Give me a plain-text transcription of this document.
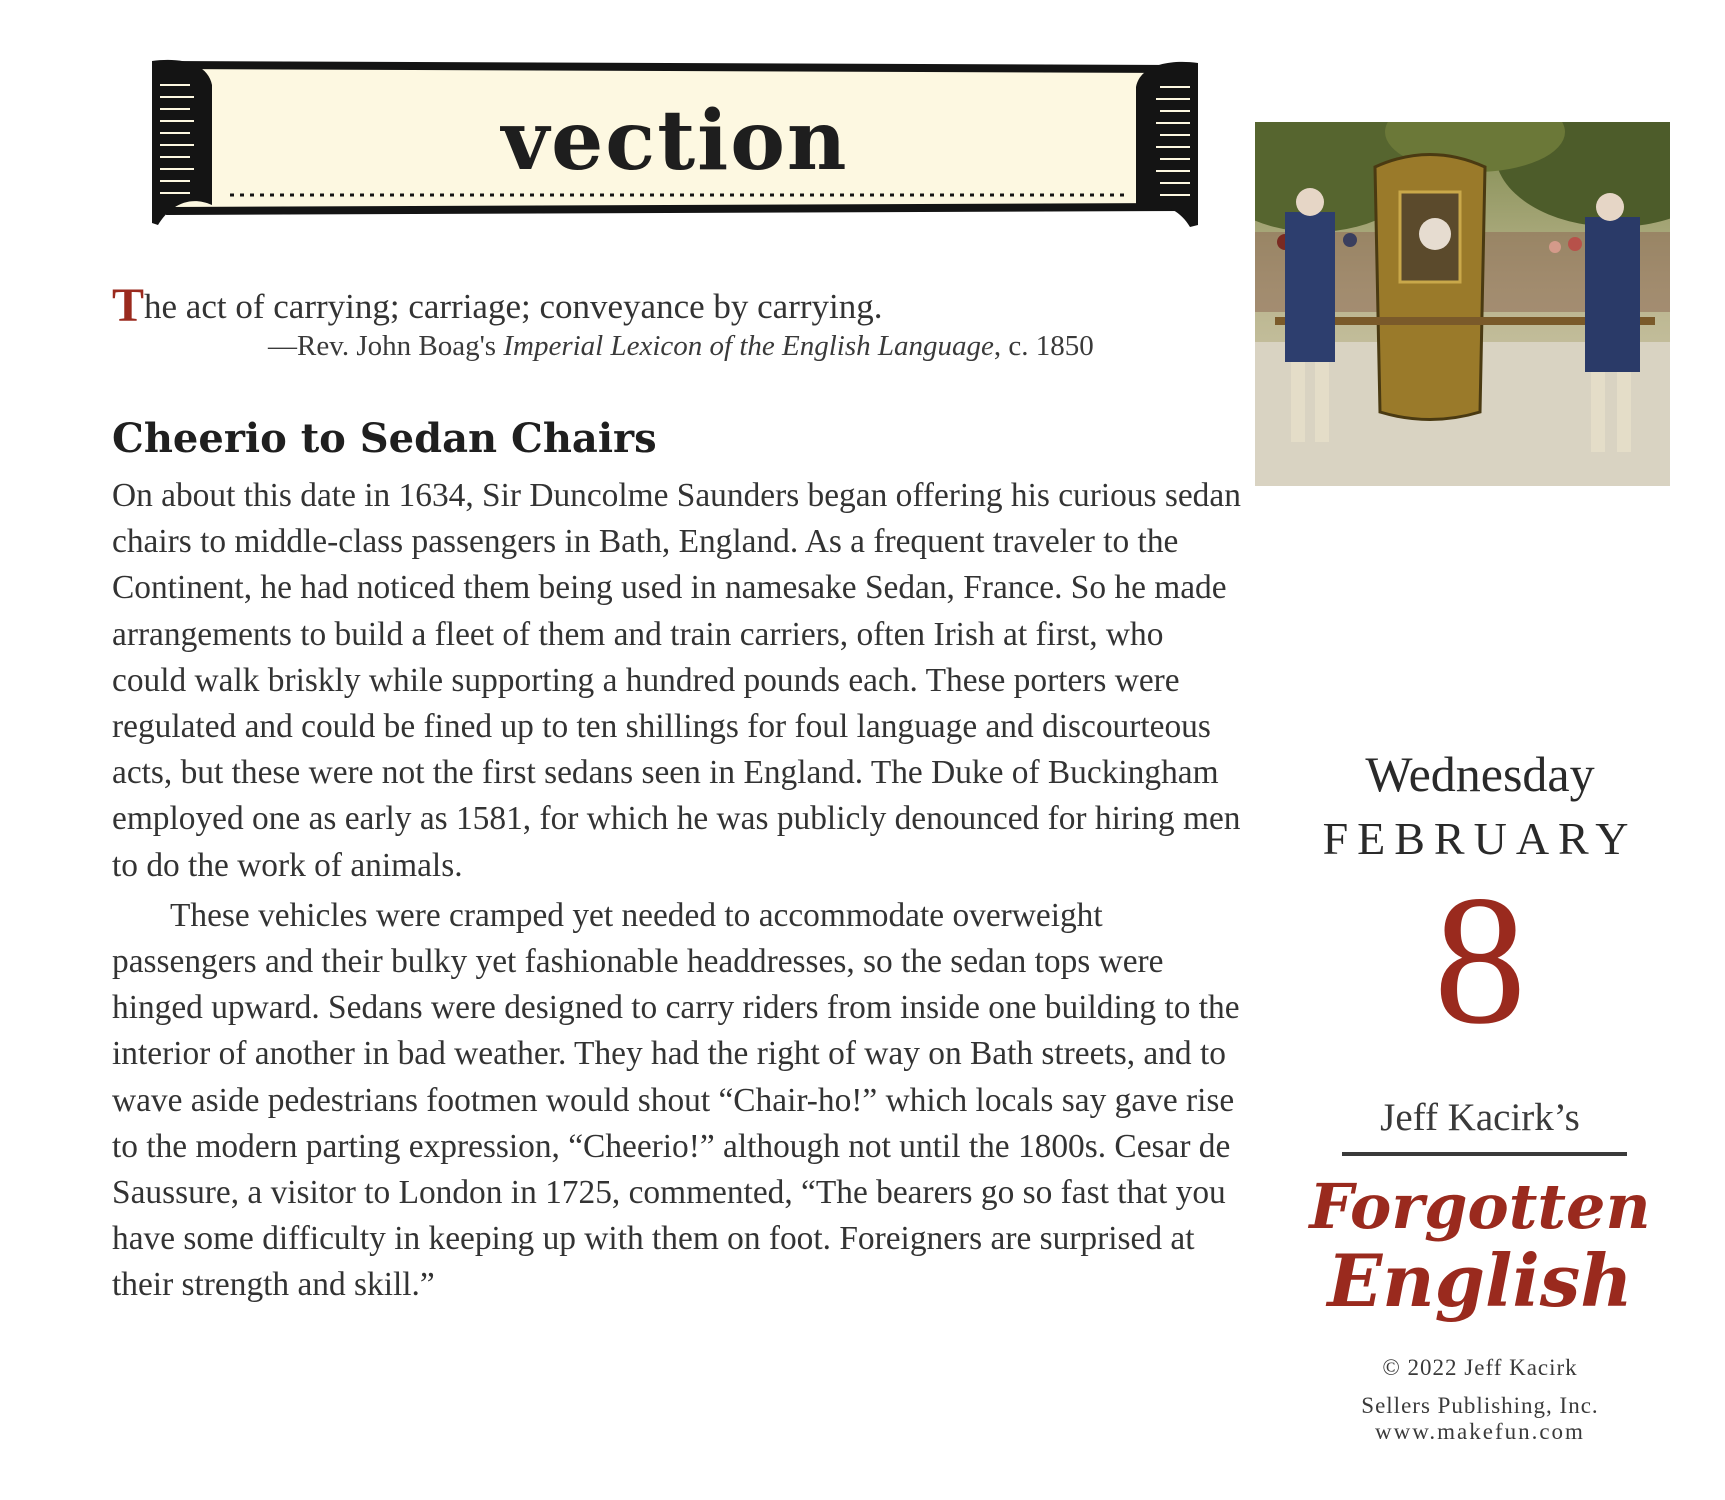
vection
The act of carrying; carriage; conveyance by carrying.
—Rev. John Boag's Imperial Lexicon of the English Language, c. 1850
Cheerio to Sedan Chairs

On about this date in 1634, Sir Duncolme Saunders began offering his curious sedan chairs to middle-class passengers in Bath, England. As a frequent traveler to the Continent, he had noticed them being used in namesake Sedan, France. So he made arrangements to build a fleet of them and train carriers, often Irish at first, who could walk briskly while supporting a hundred pounds each. These porters were regulated and could be fined up to ten shillings for foul language and discourteous acts, but these were not the first sedans seen in England. The Duke of Buckingham employed one as early as 1581, for which he was publicly denounced for hiring men to do the work of animals.

These vehicles were cramped yet needed to accommodate overweight passengers and their bulky yet fashionable headdresses, so the sedan tops were hinged upward. Sedans were designed to carry riders from inside one building to the interior of another in bad weather. They had the right of way on Bath streets, and to wave aside pedestrians footmen would shout “Chair-ho!” which locals say gave rise to the modern parting expression, “Cheerio!” although not until the 1800s. Cesar de Saussure, a visitor to London in 1725, commented, “The bearers go so fast that you have some difficulty in keeping up with them on foot. Foreigners are surprised at their strength and skill.”

Wednesday
FEBRUARY
8
Jeff Kacirk’s
Forgotten
English
© 2022 Jeff Kacirk
Sellers Publishing, Inc.
www.makefun.com
